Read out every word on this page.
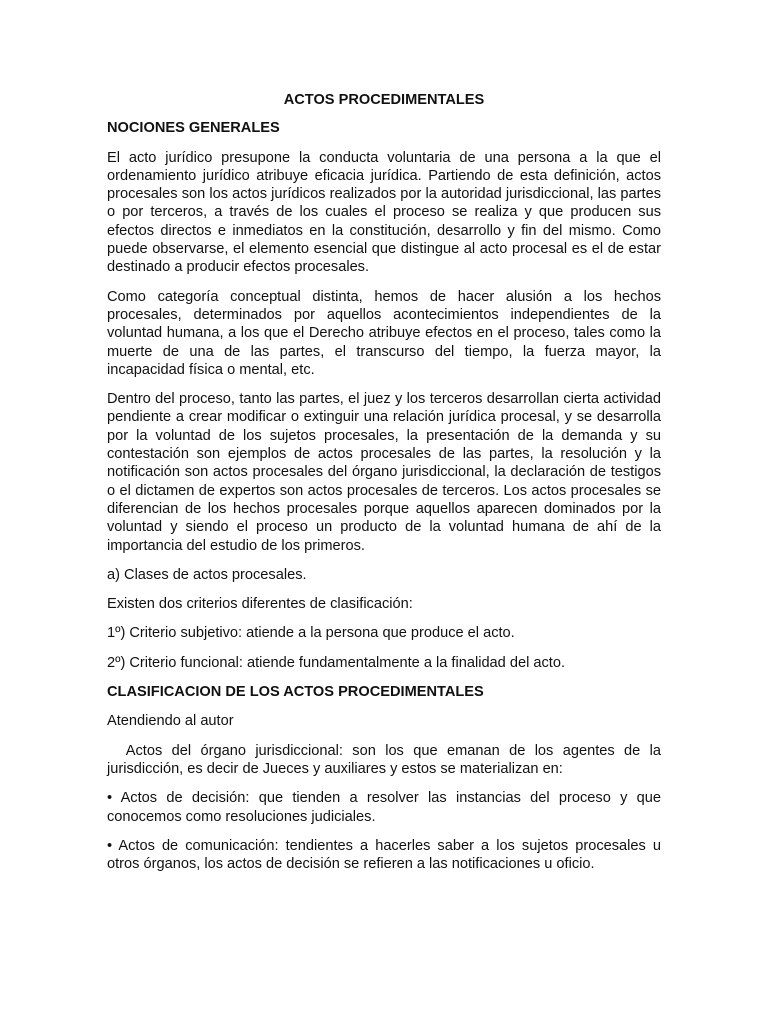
ACTOS PROCEDIMENTALES
NOCIONES GENERALES

El acto jurídico presupone la conducta voluntaria de una persona a la que el ordenamiento jurídico atribuye eficacia jurídica. Partiendo de esta definición, actos procesales son los actos jurídicos realizados por la autoridad jurisdiccional, las partes o por terceros, a través de los cuales el proceso se realiza y que producen sus efectos directos e inmediatos en la constitución, desarrollo y fin del mismo. Como puede observarse, el elemento esencial que distingue al acto procesal es el de estar destinado a producir efectos procesales.

Como categoría conceptual distinta, hemos de hacer alusión a los hechos procesales, determinados por aquellos acontecimientos independientes de la voluntad humana, a los que el Derecho atribuye efectos en el proceso, tales como la muerte de una de las partes, el transcurso del tiempo, la fuerza mayor, la incapacidad física o mental, etc.

Dentro del proceso, tanto las partes, el juez y los terceros desarrollan cierta actividad pendiente a crear modificar o extinguir una relación jurídica procesal, y se desarrolla por la voluntad de los sujetos procesales, la presentación de la demanda y su contestación son ejemplos de actos procesales de las partes, la resolución y la notificación son actos procesales del órgano jurisdiccional, la declaración de testigos o el dictamen de expertos son actos procesales de terceros. Los actos procesales se diferencian de los hechos procesales porque aquellos aparecen dominados por la voluntad y siendo el proceso un producto de la voluntad humana de ahí de la importancia del estudio de los primeros.

a) Clases de actos procesales.

Existen dos criterios diferentes de clasificación:

1º) Criterio subjetivo: atiende a la persona que produce el acto.

2º) Criterio funcional: atiende fundamentalmente a la finalidad del acto.

CLASIFICACION DE LOS ACTOS PROCEDIMENTALES

Atendiendo al autor

Actos del órgano jurisdiccional: son los que emanan de los agentes de la jurisdicción, es decir de Jueces y auxiliares y estos se materializan en:

• Actos de decisión: que tienden a resolver las instancias del proceso y que conocemos como resoluciones judiciales.

• Actos de comunicación: tendientes a hacerles saber a los sujetos procesales u otros órganos, los actos de decisión se refieren a las notificaciones u oficio.
